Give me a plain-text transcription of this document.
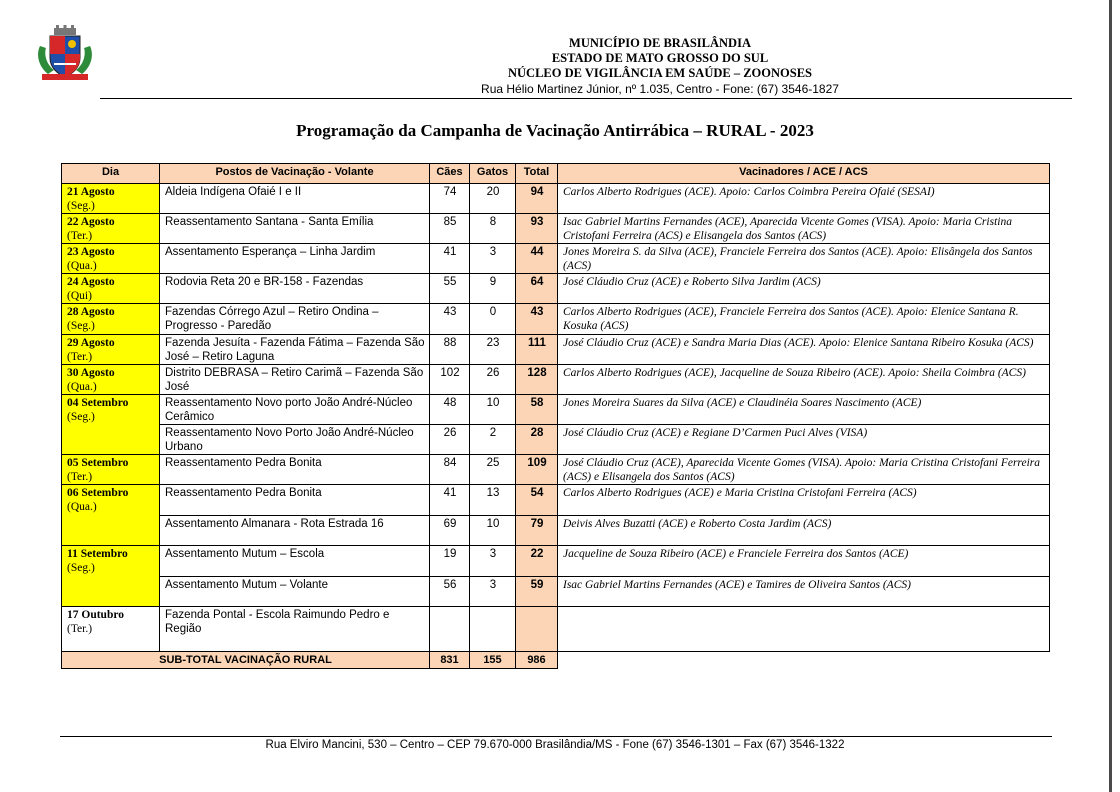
MUNICÍPIO DE BRASILÂNDIA
ESTADO DE MATO GROSSO DO SUL
NÚCLEO DE VIGILÂNCIA EM SAÚDE – ZOONOSES
Rua Hélio Martinez Júnior, nº 1.035, Centro - Fone: (67) 3546-1827
Programação da Campanha de Vacinação Antirrábica – RURAL - 2023
Dia	Postos de Vacinação - Volante	Cães	Gatos	Total	Vacinadores / ACE / ACS

21 Agosto
(Seg.)	Aldeia Indígena Ofaié I e II	74	20	94	Carlos Alberto Rodrigues (ACE). Apoio: Carlos Coimbra Pereira Ofaié (SESAI)

22 Agosto
(Ter.)	Reassentamento Santana - Santa Emília	85	8	93	Isac Gabriel Martins Fernandes (ACE), Aparecida Vicente Gomes (VISA). Apoio: Maria Cristina Cristofani Ferreira (ACS) e Elisangela dos Santos (ACS)

23 Agosto
(Qua.)	Assentamento Esperança – Linha Jardim	41	3	44	Jones Moreira S. da Silva (ACE), Franciele Ferreira dos Santos (ACE). Apoio: Elisângela dos Santos (ACS)

24 Agosto
(Qui)	Rodovia Reta 20 e BR-158 - Fazendas	55	9	64	José Cláudio Cruz (ACE) e Roberto Silva Jardim (ACS)

28 Agosto
(Seg.)	Fazendas Córrego Azul – Retiro Ondina – Progresso - Paredão	43	0	43	Carlos Alberto Rodrigues (ACE), Franciele Ferreira dos Santos (ACE). Apoio: Elenice Santana R. Kosuka (ACS)

29 Agosto
(Ter.)	Fazenda Jesuíta - Fazenda Fátima – Fazenda São José – Retiro Laguna	88	23	111	José Cláudio Cruz (ACE) e Sandra Maria Dias (ACE). Apoio: Elenice Santana Ribeiro Kosuka (ACS)

30 Agosto
(Qua.)	Distrito DEBRASA – Retiro Carimã – Fazenda São José	102	26	128	Carlos Alberto Rodrigues (ACE), Jacqueline de Souza Ribeiro (ACE). Apoio: Sheila Coimbra (ACS)

04 Setembro
(Seg.)	Reassentamento Novo porto João André-Núcleo Cerâmico	48	10	58	Jones Moreira Suares da Silva (ACE) e Claudinéia Soares Nascimento (ACE)
	Reassentamento Novo Porto João André-Núcleo Urbano	26	2	28	José Cláudio Cruz (ACE) e Regiane D’Carmen Puci Alves (VISA)

05 Setembro
(Ter.)	Reassentamento Pedra Bonita	84	25	109	José Cláudio Cruz (ACE), Aparecida Vicente Gomes (VISA). Apoio: Maria Cristina Cristofani Ferreira (ACS) e Elisangela dos Santos (ACS)

06 Setembro
(Qua.)	Reassentamento Pedra Bonita	41	13	54	Carlos Alberto Rodrigues (ACE) e Maria Cristina Cristofani Ferreira (ACS)
	Assentamento Almanara - Rota Estrada 16	69	10	79	Deivis Alves Buzatti (ACE) e Roberto Costa Jardim (ACS)

11 Setembro
(Seg.)	Assentamento Mutum – Escola	19	3	22	Jacqueline de Souza Ribeiro (ACE) e Franciele Ferreira dos Santos (ACE)
	Assentamento Mutum – Volante	56	3	59	Isac Gabriel Martins Fernandes (ACE) e Tamires de Oliveira Santos (ACS)

17 Outubro
(Ter.)	Fazenda Pontal - Escola Raimundo Pedro e Região				
SUB-TOTAL VACINAÇÃO RURAL		831	155	986	
Rua Elviro Mancini, 530 – Centro – CEP 79.670-000 Brasilândia/MS - Fone (67) 3546-1301 – Fax (67) 3546-1322
